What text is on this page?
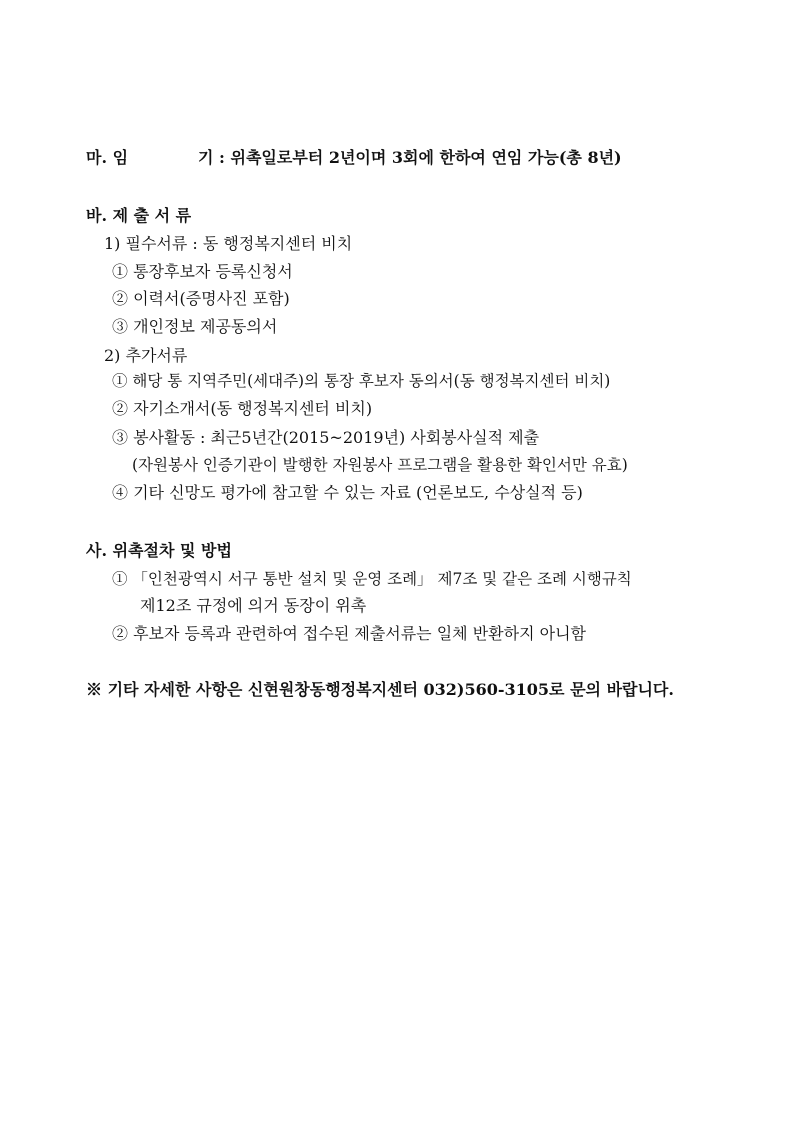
마. 임	기 : 위촉일로부터 2년이며 3회에 한하여 연임 가능(총 8년)
바. 제 출 서 류
1) 필수서류 : 동 행정복지센터 비치
① 통장후보자 등록신청서
② 이력서(증명사진 포함)
③ 개인정보 제공동의서
2) 추가서류
① 해당 통 지역주민(세대주)의 통장 후보자 동의서(동 행정복지센터 비치)
② 자기소개서(동 행정복지센터 비치)
③ 봉사활동 : 최근5년간(2015~2019년) 사회봉사실적 제출
(자원봉사 인증기관이 발행한 자원봉사 프로그램을 활용한 확인서만 유효)
④ 기타 신망도 평가에 참고할 수 있는 자료 (언론보도, 수상실적 등)
사. 위촉절차 및 방법
① 「인천광역시 서구 통반 설치 및 운영 조례」 제7조 및 같은 조례 시행규칙
제12조 규정에 의거 동장이 위촉
② 후보자 등록과 관련하여 접수된 제출서류는 일체 반환하지 아니함
※ 기타 자세한 사항은 신현원창동행정복지센터 032)560-3105로 문의 바랍니다.
